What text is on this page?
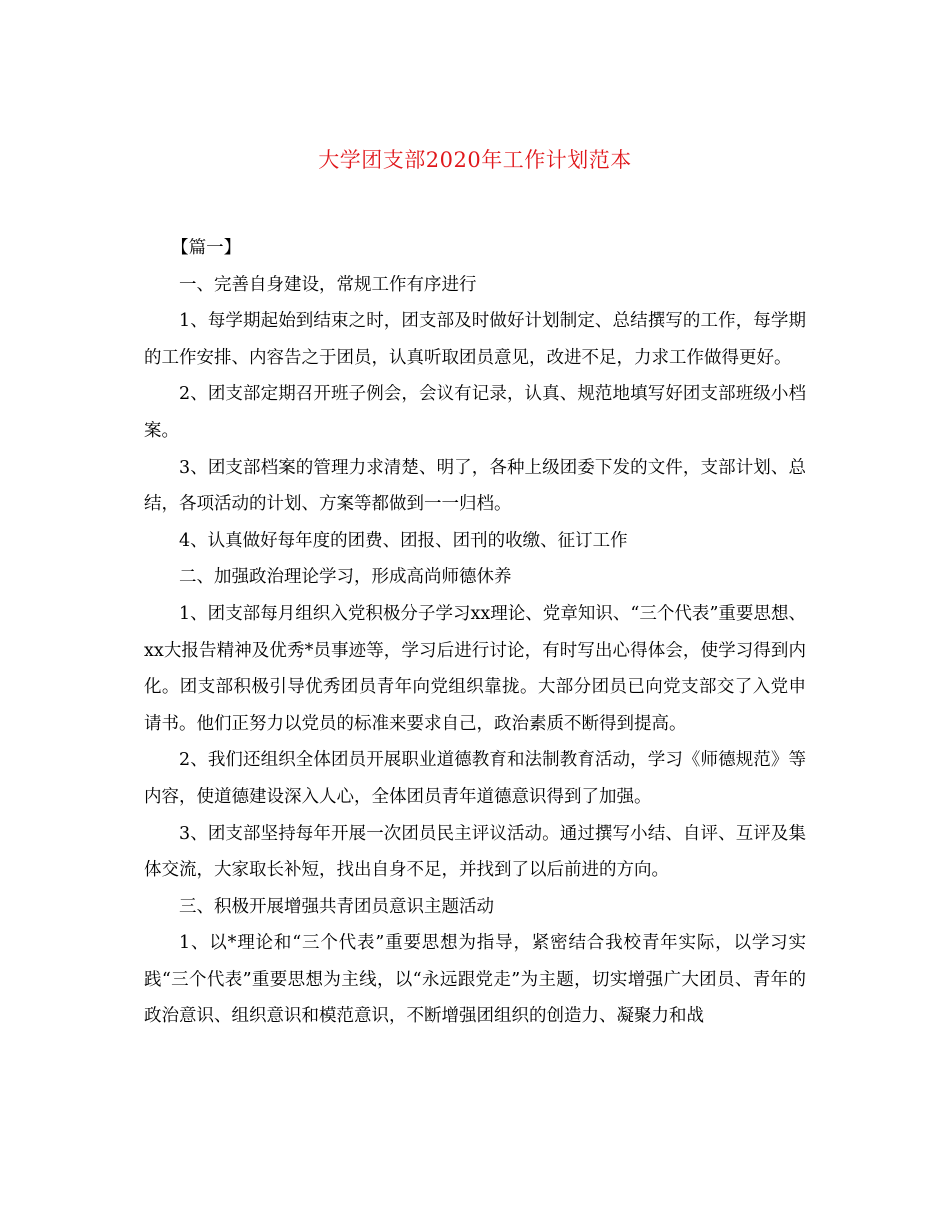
大学团支部2020年工作计划范本

【篇一】

一、完善自身建设，常规工作有序进行

1、每学期起始到结束之时，团支部及时做好计划制定、总结撰写的工作，每学期的工作安排、内容告之于团员，认真听取团员意见，改进不足，力求工作做得更好。

2、团支部定期召开班子例会，会议有记录，认真、规范地填写好团支部班级小档案。

3、团支部档案的管理力求清楚、明了，各种上级团委下发的文件，支部计划、总结，各项活动的计划、方案等都做到一一归档。

4、认真做好每年度的团费、团报、团刊的收缴、征订工作

二、加强政治理论学习，形成高尚师德休养

1、团支部每月组织入党积极分子学习xx理论、党章知识、“三个代表”重要思想、xx大报告精神及优秀*员事迹等，学习后进行讨论，有时写出心得体会，使学习得到内化。团支部积极引导优秀团员青年向党组织靠拢。大部分团员已向党支部交了入党申请书。他们正努力以党员的标准来要求自己，政治素质不断得到提高。

2、我们还组织全体团员开展职业道德教育和法制教育活动，学习《师德规范》等内容，使道德建设深入人心，全体团员青年道德意识得到了加强。

3、团支部坚持每年开展一次团员民主评议活动。通过撰写小结、自评、互评及集体交流，大家取长补短，找出自身不足，并找到了以后前进的方向。

三、积极开展增强共青团员意识主题活动

1、以*理论和“三个代表”重要思想为指导，紧密结合我校青年实际，以学习实践“三个代表”重要思想为主线，以“永远跟党走”为主题，切实增强广大团员、青年的政治意识、组织意识和模范意识，不断增强团组织的创造力、凝聚力和战
